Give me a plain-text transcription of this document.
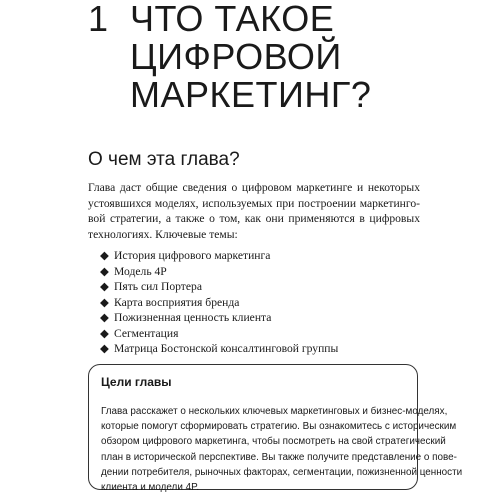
1 ЧТО ТАКОЕ
ЦИФРОВОЙ
МАРКЕТИНГ?
О чем эта глава?

Глава даст общие сведения о цифровом маркетинге и некоторых
устоявшихся моделях, используемых при построении маркетинго-
вой стратегии, а также о том, как они применяются в цифровых
технологиях. Ключевые темы:

◆ История цифрового маркетинга
◆ Модель 4P
◆ Пять сил Портера
◆ Карта восприятия бренда
◆ Пожизненная ценность клиента
◆ Сегментация
◆ Матрица Бостонской консалтинговой группы
Цели главы

Глава расскажет о нескольких ключевых маркетинговых и бизнес-моделях,
которые помогут сформировать стратегию. Вы ознакомитесь с историческим
обзором цифрового маркетинга, чтобы посмотреть на свой стратегический
план в исторической перспективе. Вы также получите представление о пове-
дении потребителя, рыночных факторах, сегментации, пожизненной ценности
клиента и модели 4P.
